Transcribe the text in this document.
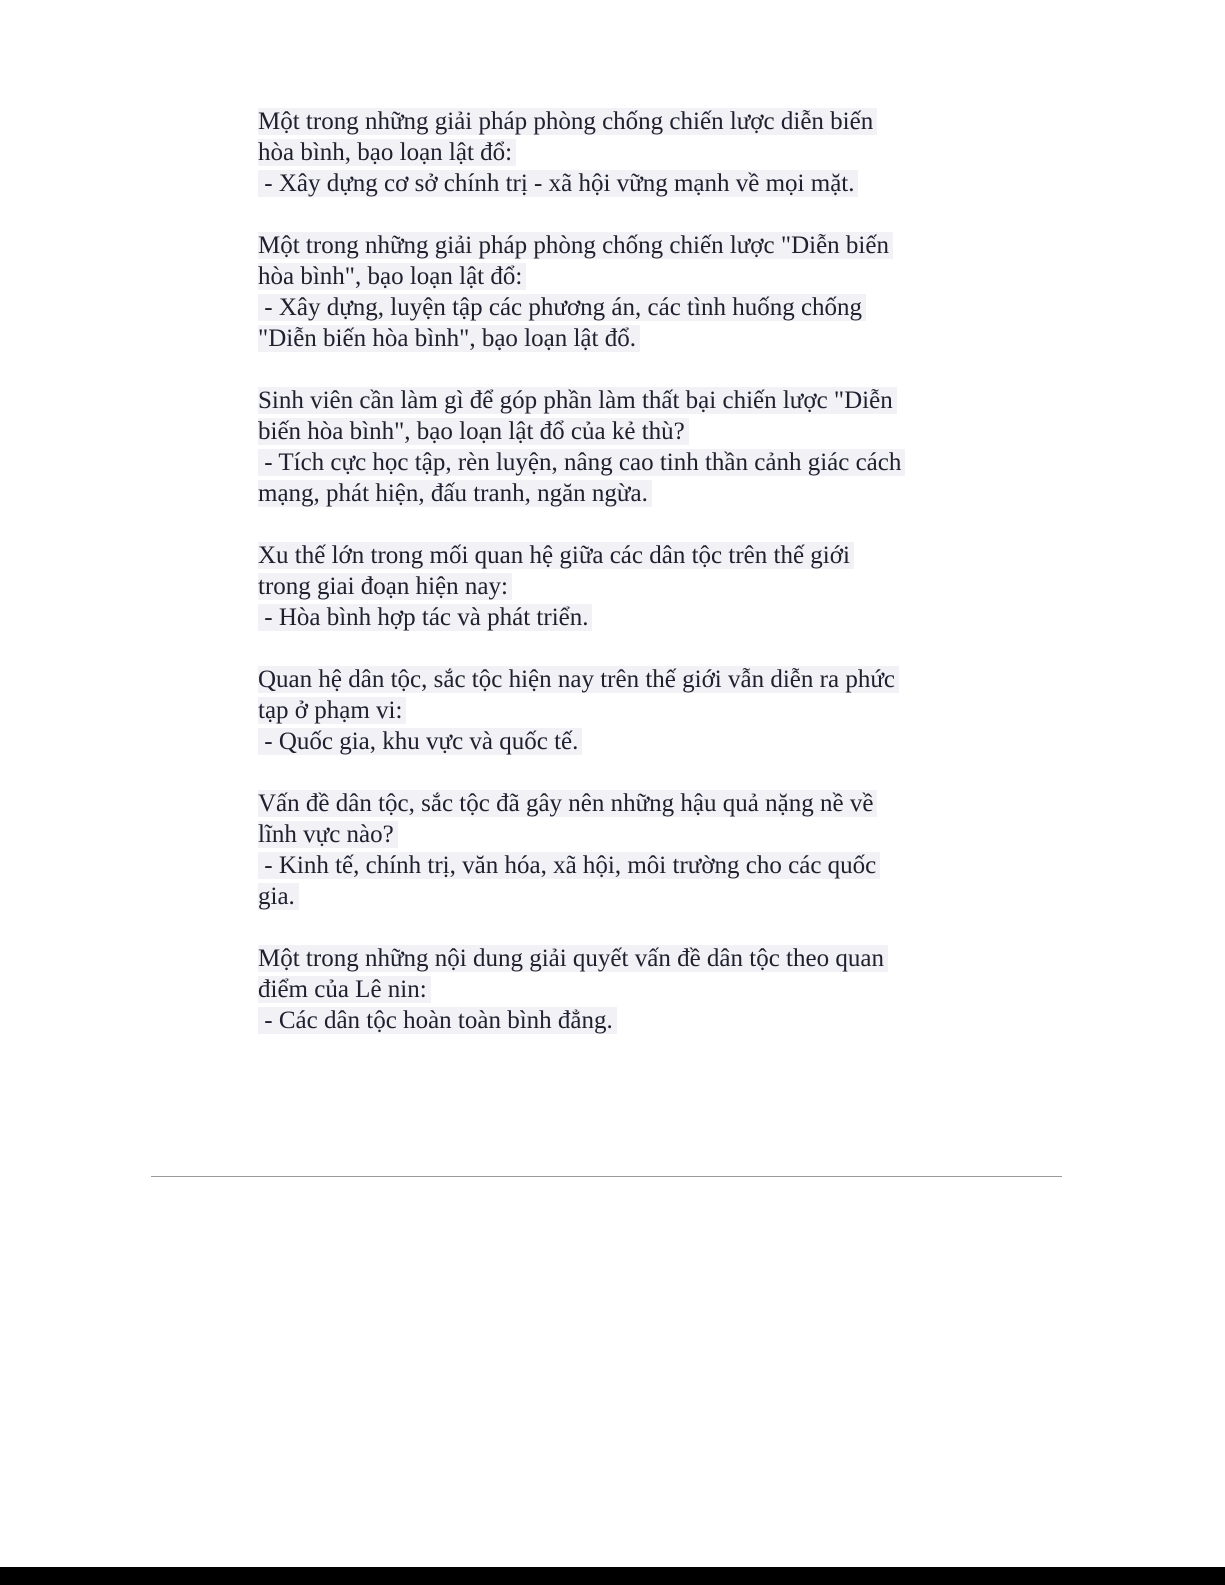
Một trong những giải pháp phòng chống chiến lược diễn biến
hòa bình, bạo loạn lật đổ:
- Xây dựng cơ sở chính trị - xã hội vững mạnh về mọi mặt.
Một trong những giải pháp phòng chống chiến lược "Diễn biến
hòa bình", bạo loạn lật đổ:
- Xây dựng, luyện tập các phương án, các tình huống chống
"Diễn biến hòa bình", bạo loạn lật đổ.
Sinh viên cần làm gì để góp phần làm thất bại chiến lược "Diễn
biến hòa bình", bạo loạn lật đổ của kẻ thù?
- Tích cực học tập, rèn luyện, nâng cao tinh thần cảnh giác cách
mạng, phát hiện, đấu tranh, ngăn ngừa.
Xu thế lớn trong mối quan hệ giữa các dân tộc trên thế giới
trong giai đoạn hiện nay:
- Hòa bình hợp tác và phát triển.
Quan hệ dân tộc, sắc tộc hiện nay trên thế giới vẫn diễn ra phức
tạp ở phạm vi:
- Quốc gia, khu vực và quốc tế.
Vấn đề dân tộc, sắc tộc đã gây nên những hậu quả nặng nề về
lĩnh vực nào?
- Kinh tế, chính trị, văn hóa, xã hội, môi trường cho các quốc
gia.
Một trong những nội dung giải quyết vấn đề dân tộc theo quan
điểm của Lê nin:
- Các dân tộc hoàn toàn bình đẳng.
